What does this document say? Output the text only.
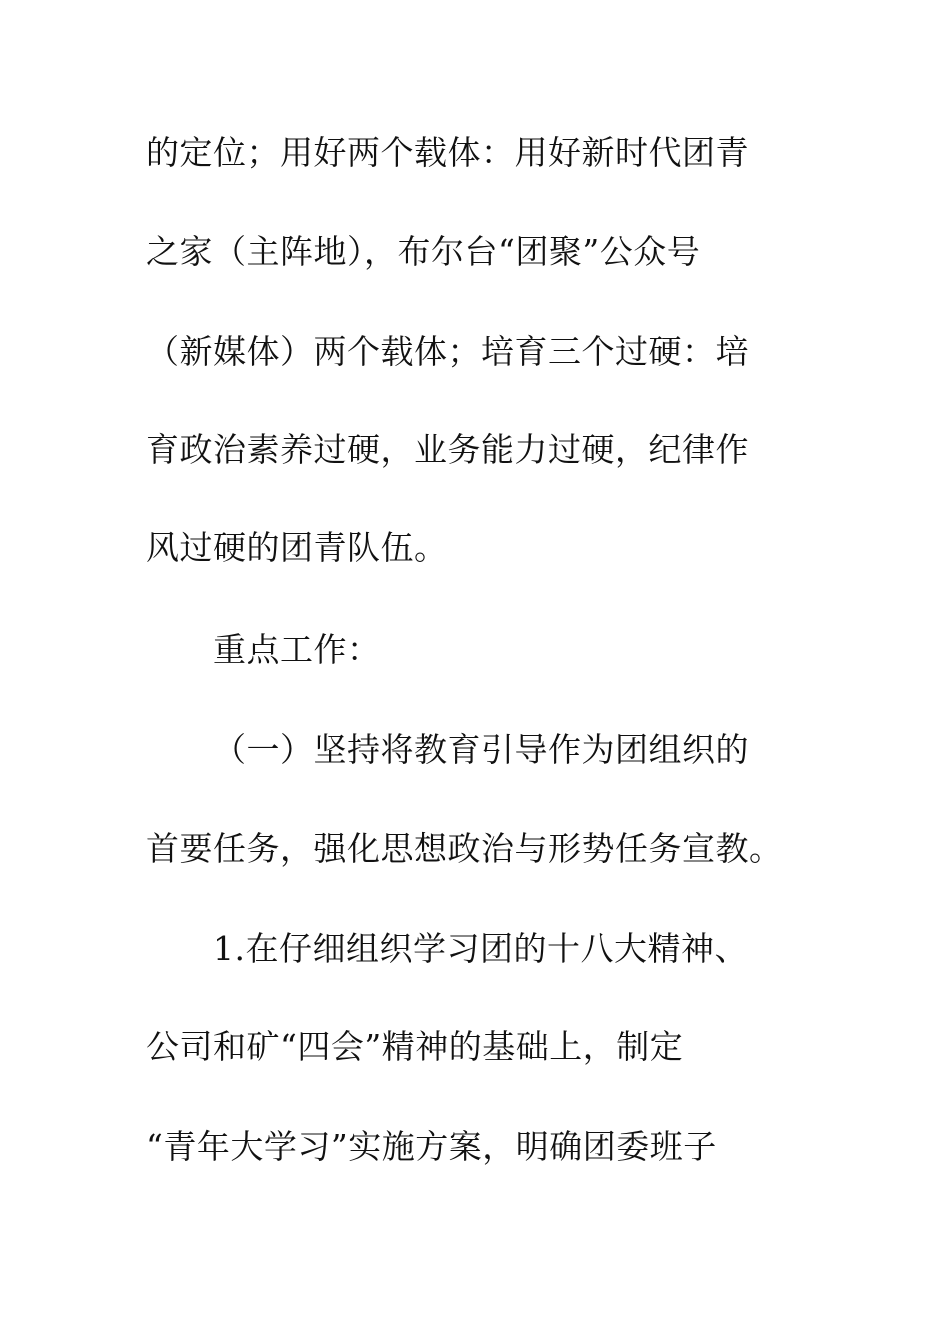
的定位；用好两个载体：用好新时代团青
之家（主阵地），布尔台“团聚”公众号
（新媒体）两个载体；培育三个过硬：培
育政治素养过硬，业务能力过硬，纪律作
风过硬的团青队伍。
重点工作：
（一）坚持将教育引导作为团组织的
首要任务，强化思想政治与形势任务宣教。
1.在仔细组织学习团的十八大精神、
公司和矿“四会”精神的基础上，制定
“青年大学习”实施方案，明确团委班子
